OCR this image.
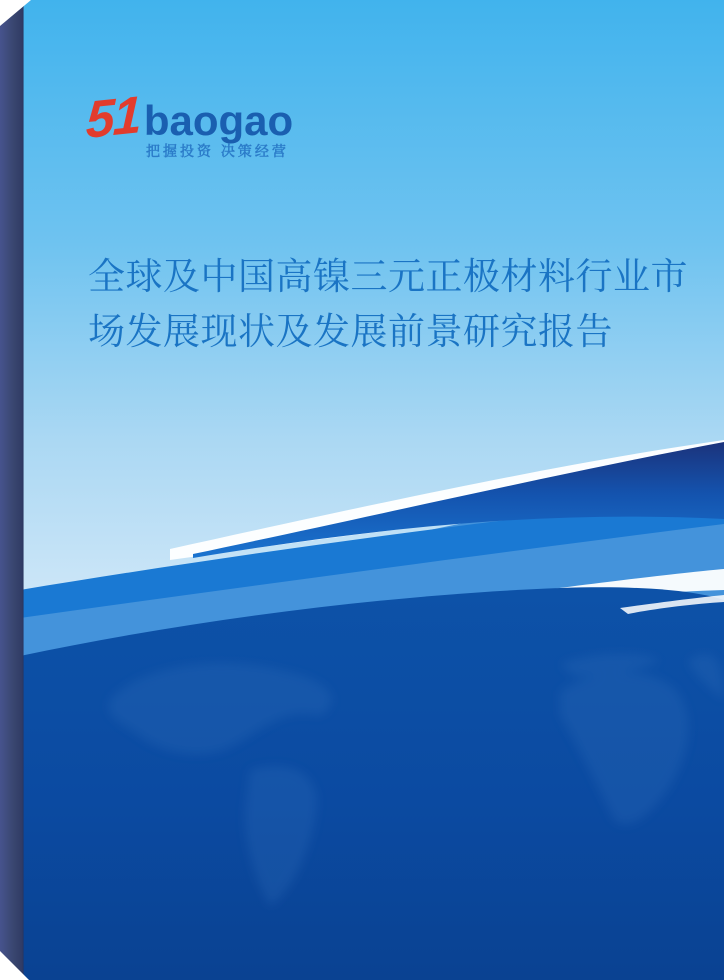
51 baogao
把握投资 决策经营
全球及中国高镍三元正极材料行业市
场发展现状及发展前景研究报告
